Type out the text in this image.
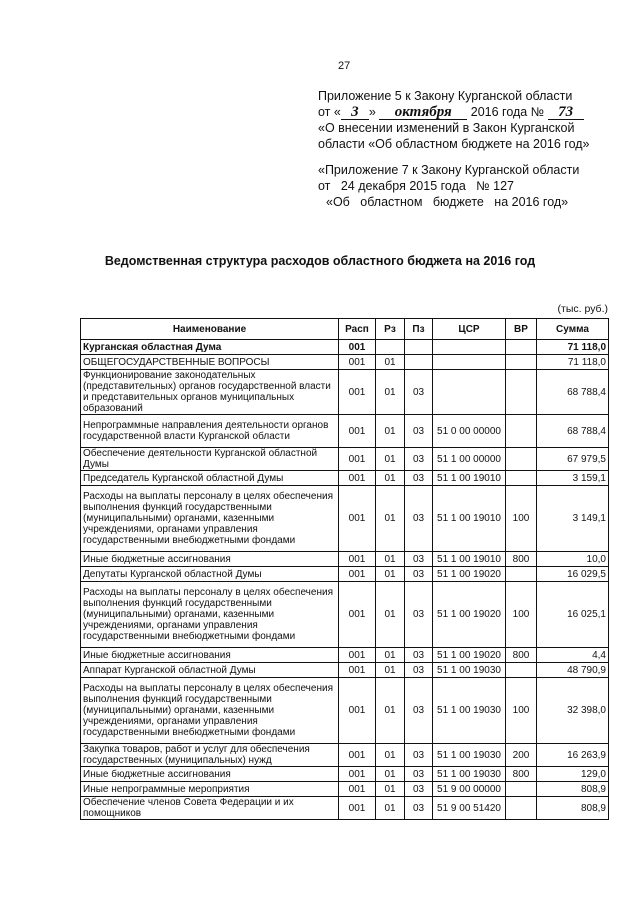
27
Приложение 5 к Закону Курганской области
от « 3 » октября 2016 года № 73
«О внесении изменений в Закон Курганской
области «Об областном бюджете на 2016 год»
«Приложение 7 к Закону Курганской области
от   24 декабря 2015 года   № 127
«Об   областном   бюджете   на 2016 год»
Ведомственная структура расходов областного бюджета на 2016 год
(тыс. руб.)
Наименование	Расп	Рз	Пз	ЦСР	ВР	Сумма
Курганская областная Дума	001					71 118,0
ОБЩЕГОСУДАРСТВЕННЫЕ ВОПРОСЫ	001	01				71 118,0
Функционирование законодательных (представительных) органов государственной власти и представительных органов муниципальных образований	001	01	03			68 788,4
Непрограммные направления деятельности органов государственной власти Курганской области	001	01	03	51 0 00 00000		68 788,4
Обеспечение деятельности Курганской областной Думы	001	01	03	51 1 00 00000		67 979,5
Председатель Курганской областной Думы	001	01	03	51 1 00 19010		3 159,1
Расходы на выплаты персоналу в целях обеспечения выполнения функций государственными (муниципальными) органами, казенными учреждениями, органами управления государственными внебюджетными фондами	001	01	03	51 1 00 19010	100	3 149,1
Иные бюджетные ассигнования	001	01	03	51 1 00 19010	800	10,0
Депутаты Курганской областной Думы	001	01	03	51 1 00 19020		16 029,5
Расходы на выплаты персоналу в целях обеспечения выполнения функций государственными (муниципальными) органами, казенными учреждениями, органами управления государственными внебюджетными фондами	001	01	03	51 1 00 19020	100	16 025,1
Иные бюджетные ассигнования	001	01	03	51 1 00 19020	800	4,4
Аппарат Курганской областной Думы	001	01	03	51 1 00 19030		48 790,9
Расходы на выплаты персоналу в целях обеспечения выполнения функций государственными (муниципальными) органами, казенными учреждениями, органами управления государственными внебюджетными фондами	001	01	03	51 1 00 19030	100	32 398,0
Закупка товаров, работ и услуг для обеспечения государственных (муниципальных) нужд	001	01	03	51 1 00 19030	200	16 263,9
Иные бюджетные ассигнования	001	01	03	51 1 00 19030	800	129,0
Иные непрограммные мероприятия	001	01	03	51 9 00 00000		808,9
Обеспечение членов Совета Федерации и их помощников	001	01	03	51 9 00 51420		808,9
